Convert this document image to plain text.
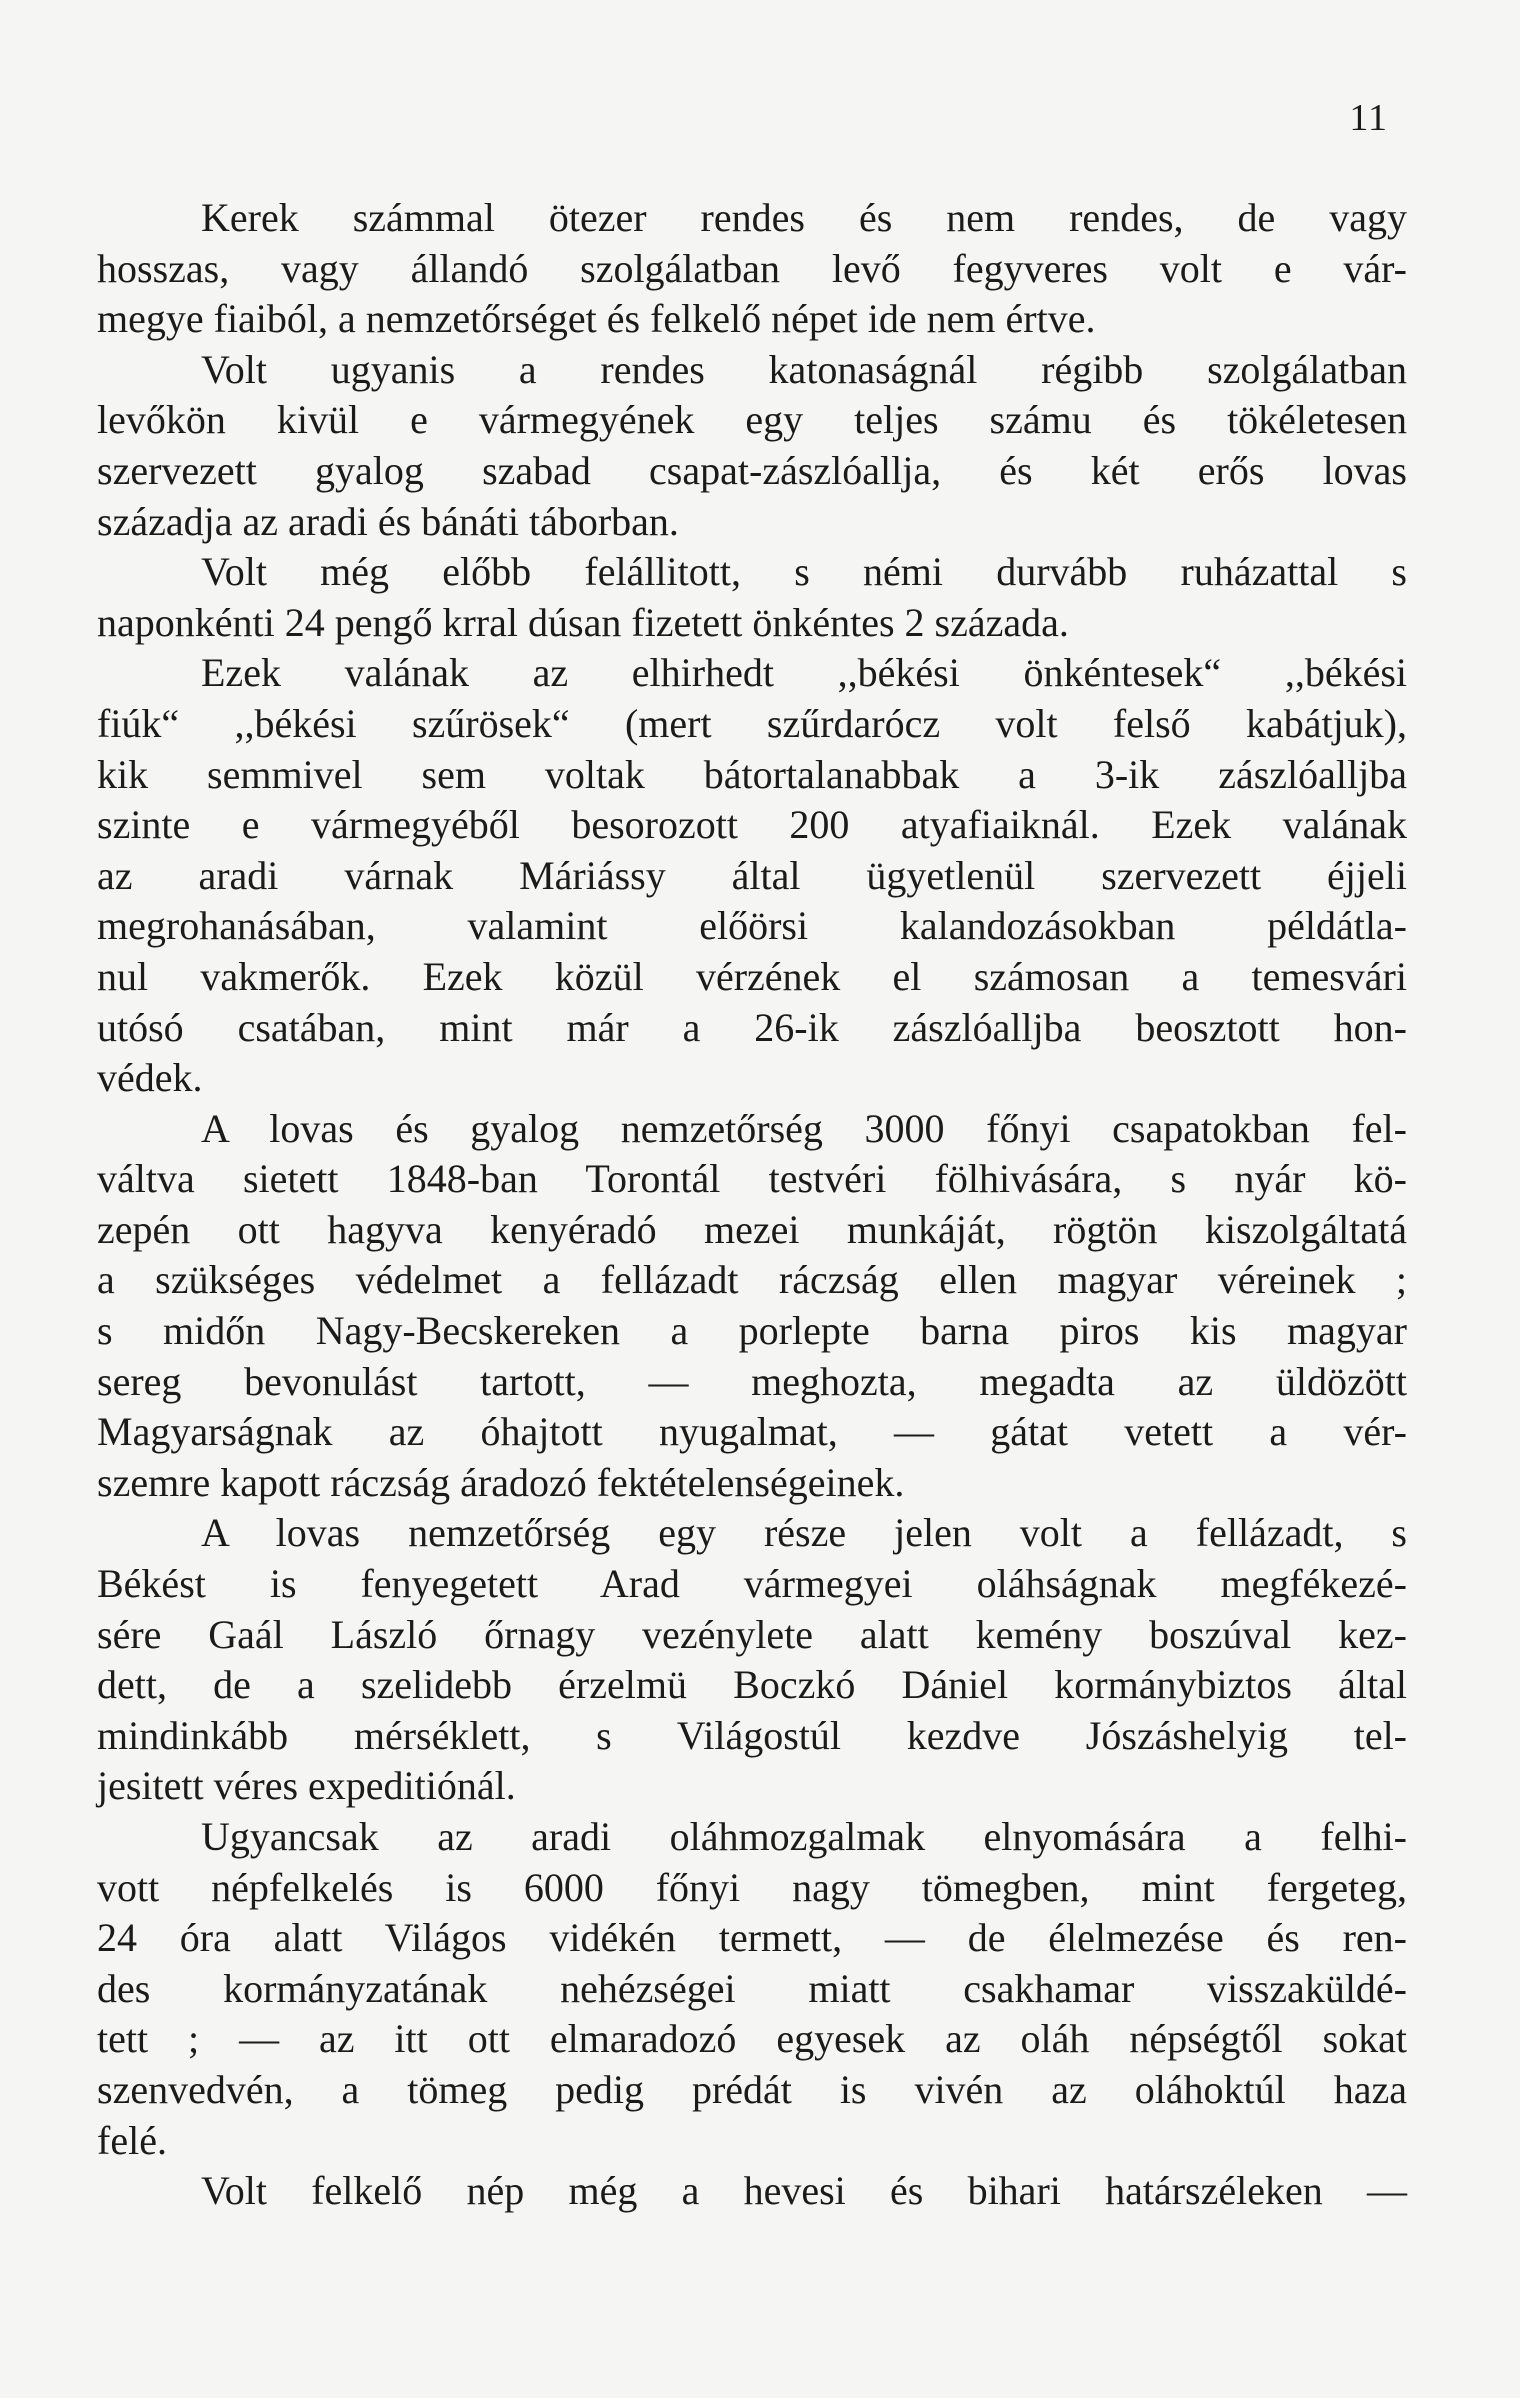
11
Kerek számmal ötezer rendes és nem rendes, de vagy
hosszas, vagy állandó szolgálatban levő fegyveres volt e vár-
megye fiaiból, a nemzetőrséget és felkelő népet ide nem értve.
Volt ugyanis a rendes katonaságnál régibb szolgálatban
levőkön kivül e vármegyének egy teljes számu és tökéletesen
szervezett gyalog szabad csapat-zászlóallja, és két erős lovas
századja az aradi és bánáti táborban.
Volt még előbb felállitott, s némi durvább ruházattal s
naponkénti 24 pengő krral dúsan fizetett önkéntes 2 százada.
Ezek valának az elhirhedt ,,békési önkéntesek“ ,,békési
fiúk“ ,,békési szűrösek“ (mert szűrdarócz volt felső kabátjuk),
kik semmivel sem voltak bátortalanabbak a 3-ik zászlóalljba
szinte e vármegyéből besorozott 200 atyafiaiknál. Ezek valának
az aradi várnak Máriássy által ügyetlenül szervezett éjjeli
megrohanásában, valamint előörsi kalandozásokban példátla-
nul vakmerők. Ezek közül vérzének el számosan a temesvári
utósó csatában, mint már a 26-ik zászlóalljba beosztott hon-
védek.
A lovas és gyalog nemzetőrség 3000 főnyi csapatokban fel-
váltva sietett 1848-ban Torontál testvéri fölhivására, s nyár kö-
zepén ott hagyva kenyéradó mezei munkáját, rögtön kiszolgáltatá
a szükséges védelmet a fellázadt ráczság ellen magyar véreinek ;
s midőn Nagy-Becskereken a porlepte barna piros kis magyar
sereg bevonulást tartott, — meghozta, megadta az üldözött
Magyarságnak az óhajtott nyugalmat, — gátat vetett a vér-
szemre kapott ráczság áradozó fektételenségeinek.
A lovas nemzetőrség egy része jelen volt a fellázadt, s
Békést is fenyegetett Arad vármegyei oláhságnak megfékezé-
sére Gaál László őrnagy vezénylete alatt kemény boszúval kez-
dett, de a szelidebb érzelmü Boczkó Dániel kormánybiztos által
mindinkább mérséklett, s Világostúl kezdve Jószáshelyig tel-
jesitett véres expeditiónál.
Ugyancsak az aradi oláhmozgalmak elnyomására a felhi-
vott népfelkelés is 6000 főnyi nagy tömegben, mint fergeteg,
24 óra alatt Világos vidékén termett, — de élelmezése és ren-
des kormányzatának nehézségei miatt csakhamar visszaküldé-
tett ; — az itt ott elmaradozó egyesek az oláh népségtől sokat
szenvedvén, a tömeg pedig prédát is vivén az oláhoktúl haza
felé.
Volt felkelő nép még a hevesi és bihari határszéleken —
